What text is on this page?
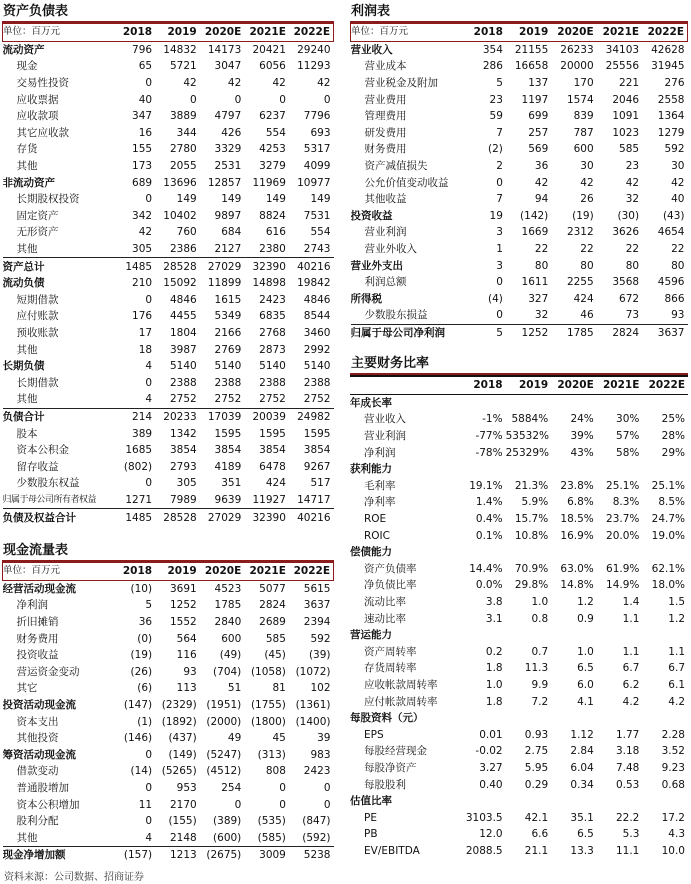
资产负债表
单位：百万元	2018	2019	2020E	2021E	2022E
流动资产	796	14832	14173	20421	29240
现金	65	5721	3047	6056	11293
交易性投资	0	42	42	42	42
应收票据	40	0	0	0	0
应收款项	347	3889	4797	6237	7796
其它应收款	16	344	426	554	693
存货	155	2780	3329	4253	5317
其他	173	2055	2531	3279	4099
非流动资产	689	13696	12857	11969	10977
长期股权投资	0	149	149	149	149
固定资产	342	10402	9897	8824	7531
无形资产	42	760	684	616	554
其他	305	2386	2127	2380	2743
资产总计	1485	28528	27029	32390	40216
流动负债	210	15092	11899	14898	19842
短期借款	0	4846	1615	2423	4846
应付账款	176	4455	5349	6835	8544
预收账款	17	1804	2166	2768	3460
其他	18	3987	2769	2873	2992
长期负债	4	5140	5140	5140	5140
长期借款	0	2388	2388	2388	2388
其他	4	2752	2752	2752	2752
负债合计	214	20233	17039	20039	24982
股本	389	1342	1595	1595	1595
资本公积金	1685	3854	3854	3854	3854
留存收益	(802)	2793	4189	6478	9267
少数股东权益	0	305	351	424	517
归属于母公司所有者权益	1271	7989	9639	11927	14717
负债及权益合计	1485	28528	27029	32390	40216
现金流量表
单位：百万元	2018	2019	2020E	2021E	2022E
经营活动现金流	(10)	3691	4523	5077	5615
净利润	5	1252	1785	2824	3637
折旧摊销	36	1552	2840	2689	2394
财务费用	(0)	564	600	585	592
投资收益	(19)	116	(49)	(45)	(39)
营运资金变动	(26)	93	(704)	(1058)	(1072)
其它	(6)	113	51	81	102
投资活动现金流	(147)	(2329)	(1951)	(1755)	(1361)
资本支出	(1)	(1892)	(2000)	(1800)	(1400)
其他投资	(146)	(437)	49	45	39
筹资活动现金流	0	(149)	(5247)	(313)	983
借款变动	(14)	(5265)	(4512)	808	2423
普通股增加	0	953	254	0	0
资本公积增加	11	2170	0	0	0
股利分配	0	(155)	(389)	(535)	(847)
其他	4	2148	(600)	(585)	(592)
现金净增加额	(157)	1213	(2675)	3009	5238
利润表
单位：百万元	2018	2019	2020E	2021E	2022E
营业收入	354	21155	26233	34103	42628
营业成本	286	16658	20000	25556	31945
营业税金及附加	5	137	170	221	276
营业费用	23	1197	1574	2046	2558
管理费用	59	699	839	1091	1364
研发费用	7	257	787	1023	1279
财务费用	(2)	569	600	585	592
资产减值损失	2	36	30	23	30
公允价值变动收益	0	42	42	42	42
其他收益	7	94	26	32	40
投资收益	19	(142)	(19)	(30)	(43)
营业利润	3	1669	2312	3626	4654
营业外收入	1	22	22	22	22
营业外支出	3	80	80	80	80
利润总额	0	1611	2255	3568	4596
所得税	(4)	327	424	672	866
少数股东损益	0	32	46	73	93
归属于母公司净利润	5	1252	1785	2824	3637
主要财务比率
	2018	2019	2020E	2021E	2022E
年成长率					
营业收入	-1%	5884%	24%	30%	25%
营业利润	-77%	53532%	39%	57%	28%
净利润	-78%	25329%	43%	58%	29%
获利能力					
毛利率	19.1%	21.3%	23.8%	25.1%	25.1%
净利率	1.4%	5.9%	6.8%	8.3%	8.5%
ROE	0.4%	15.7%	18.5%	23.7%	24.7%
ROIC	0.1%	10.8%	16.9%	20.0%	19.0%
偿债能力					
资产负债率	14.4%	70.9%	63.0%	61.9%	62.1%
净负债比率	0.0%	29.8%	14.8%	14.9%	18.0%
流动比率	3.8	1.0	1.2	1.4	1.5
速动比率	3.1	0.8	0.9	1.1	1.2
营运能力					
资产周转率	0.2	0.7	1.0	1.1	1.1
存货周转率	1.8	11.3	6.5	6.7	6.7
应收帐款周转率	1.0	9.9	6.0	6.2	6.1
应付帐款周转率	1.8	7.2	4.1	4.2	4.2
每股资料（元）					
EPS	0.01	0.93	1.12	1.77	2.28
每股经营现金	-0.02	2.75	2.84	3.18	3.52
每股净资产	3.27	5.95	6.04	7.48	9.23
每股股利	0.40	0.29	0.34	0.53	0.68
估值比率					
PE	3103.5	42.1	35.1	22.2	17.2
PB	12.0	6.6	6.5	5.3	4.3
EV/EBITDA	2088.5	21.1	13.3	11.1	10.0
资料来源：公司数据、招商证券
